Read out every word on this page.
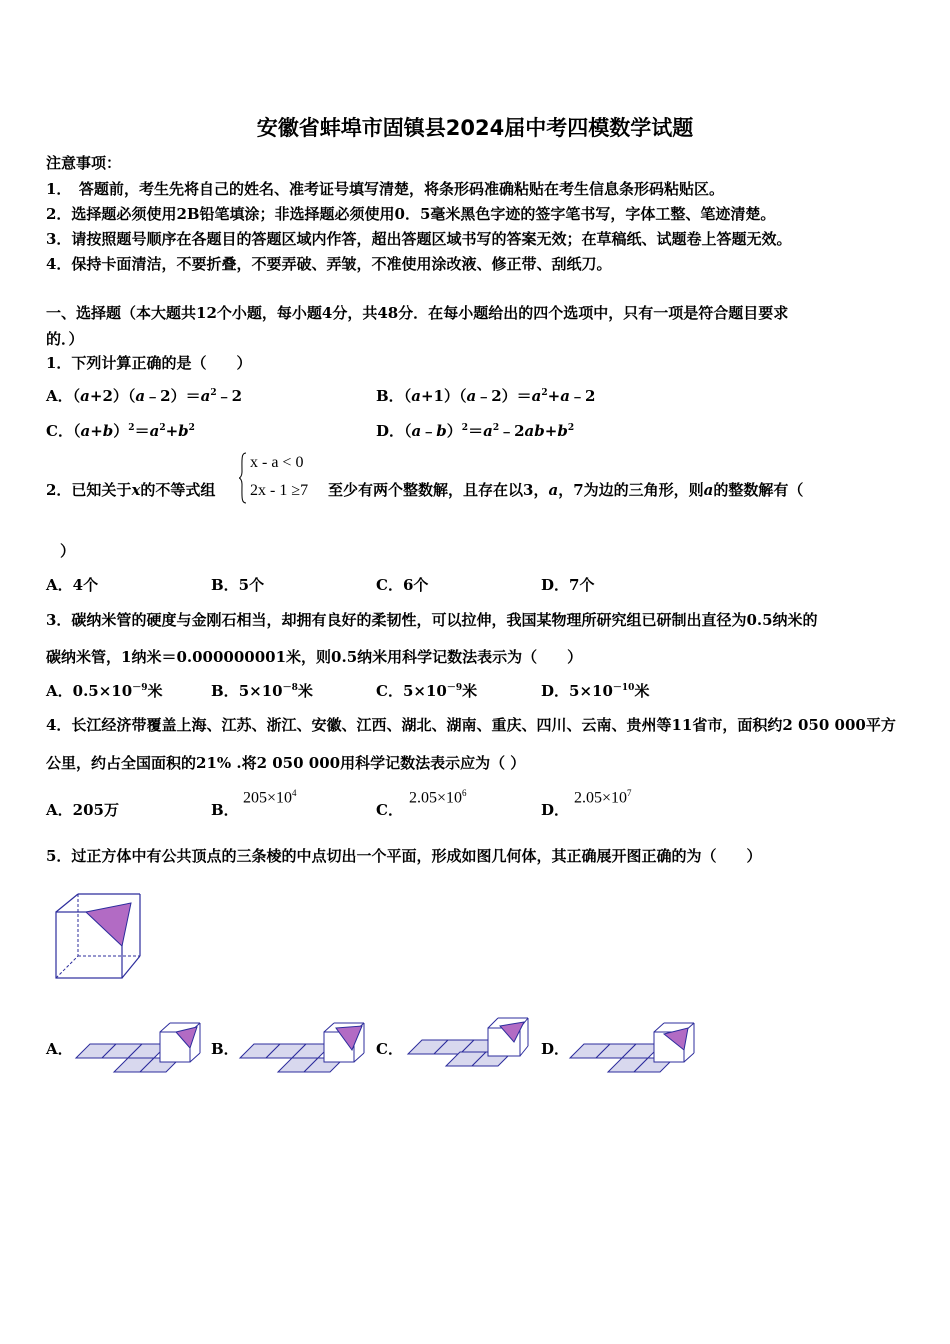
安徽省蚌埠市固镇县2024届中考四模数学试题
注意事项：
1．　答题前，考生先将自己的姓名、准考证号填写清楚，将条形码准确粘贴在考生信息条形码粘贴区。
2．选择题必须使用2B铅笔填涂；非选择题必须使用0．5毫米黑色字迹的签字笔书写，字体工整、笔迹清楚。
3．请按照题号顺序在各题目的答题区域内作答，超出答题区域书写的答案无效；在草稿纸、试题卷上答题无效。
4．保持卡面清洁，不要折叠，不要弄破、弄皱，不准使用涂改液、修正带、刮纸刀。
一、选择题（本大题共12个小题，每小题4分，共48分．在每小题给出的四个选项中，只有一项是符合题目要求
的．）
1．下列计算正确的是（　　）
A．$(a+2)(a﹣2)=a^2﹣2$	B．$(a+1)(a﹣2)=a^2+a﹣2$
C．$(a+b)^2=a^2+b^2$	D．$(a﹣b)^2=a^2﹣2ab+b^2$
2．已知关于x的不等式组
x - a < 0
2x - 1 ≥7 至少有两个整数解，且存在以3，a，7为边的三角形，则a的整数解有（
）
A．4个	B．5个	C．6个	D．7个
3．碳纳米管的硬度与金刚石相当，却拥有良好的柔韧性，可以拉伸，我国某物理所研究组已研制出直径为0.5纳米的
碳纳米管，1纳米＝0.000000001米，则0.5纳米用科学记数法表示为（　　）
A．$0.5\times 10^{-9}$米	B．$5\times 10^{-8}$米	C．$5\times 10^{-9}$米	D．$5\times 10^{-10}$米
4．长江经济带覆盖上海、江苏、浙江、安徽、江西、湖北、湖南、重庆、四川、云南、贵州等11省市，面积约2 050 000平方
公里，约占全国面积的21% .将2 050 000用科学记数法表示应为（ ）
A．205万	B．
$205\times 10^4$
C．
$2.05\times 10^6$
D．
$2.05\times 10^7$
5．过正方体中有公共顶点的三条棱的中点切出一个平面，形成如图几何体，其正确展开图正确的为（　　）
A．	B．	C．	D．
